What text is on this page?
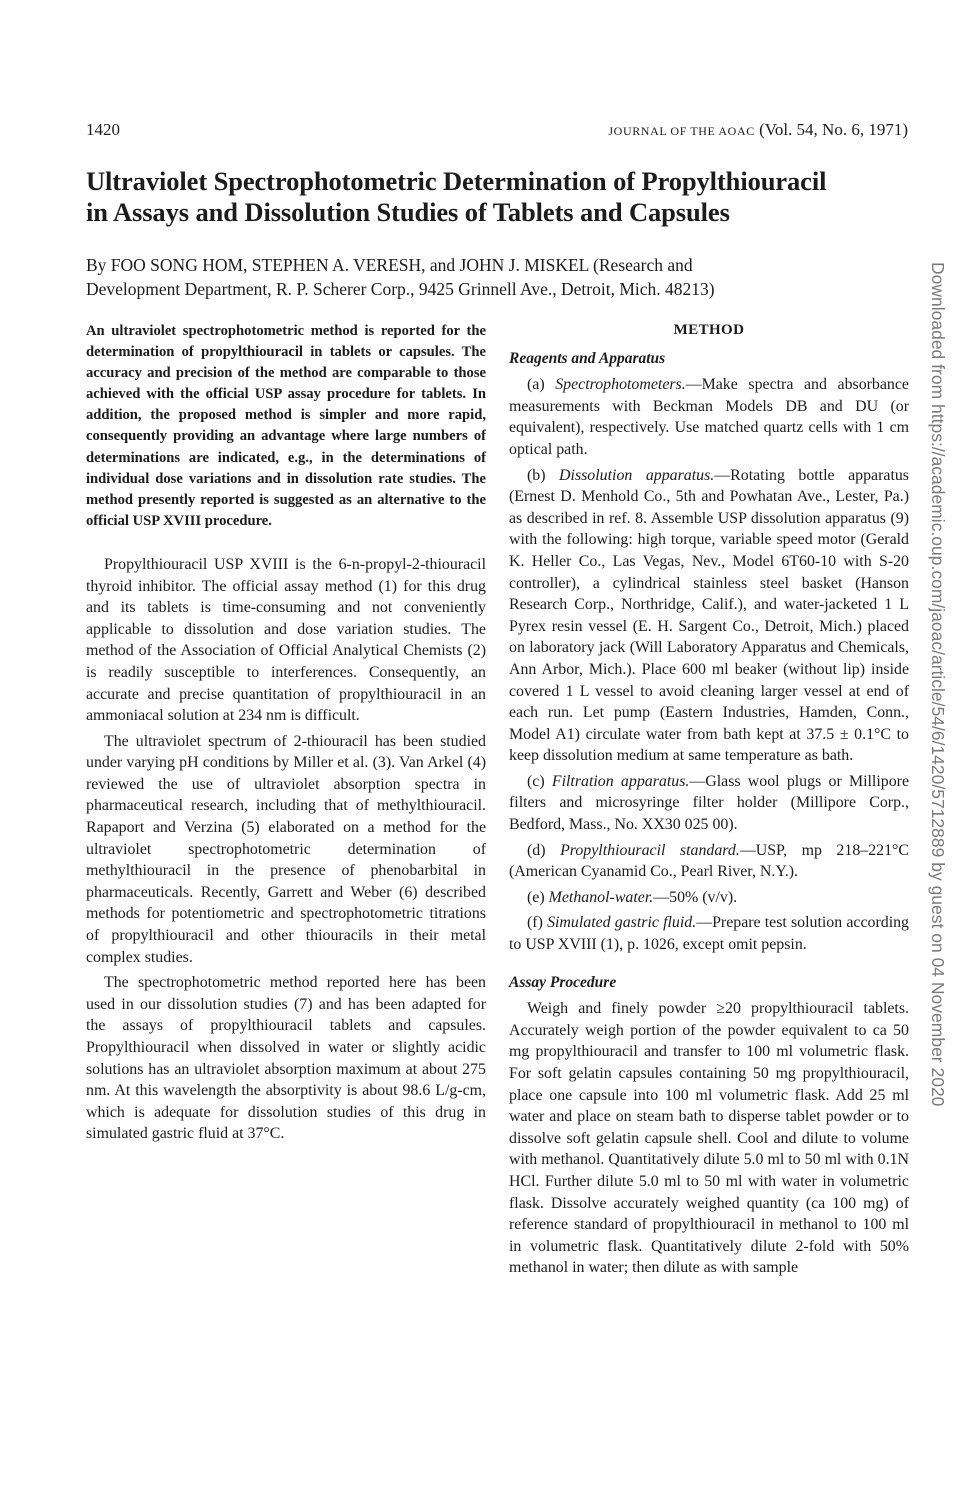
1420	JOURNAL OF THE AOAC (Vol. 54, No. 6, 1971)
Ultraviolet Spectrophotometric Determination of Propylthiouracil
in Assays and Dissolution Studies of Tablets and Capsules
By FOO SONG HOM, STEPHEN A. VERESH, and JOHN J. MISKEL (Research and
Development Department, R. P. Scherer Corp., 9425 Grinnell Ave., Detroit, Mich. 48213)
An ultraviolet spectrophotometric method is reported for the determination of propylthiouracil in tablets or capsules. The accuracy and precision of the method are comparable to those achieved with the official USP assay procedure for tablets. In addition, the proposed method is simpler and more rapid, consequently providing an advantage where large numbers of determinations are indicated, e.g., in the determinations of individual dose variations and in dissolution rate studies. The method presently reported is suggested as an alternative to the official USP XVIII procedure.

Propylthiouracil USP XVIII is the 6-n-propyl-2-thiouracil thyroid inhibitor. The official assay method (1) for this drug and its tablets is time-consuming and not conveniently applicable to dissolution and dose variation studies. The method of the Association of Official Analytical Chemists (2) is readily susceptible to interferences. Consequently, an accurate and precise quantitation of propylthiouracil in an ammoniacal solution at 234 nm is difficult.

The ultraviolet spectrum of 2-thiouracil has been studied under varying pH conditions by Miller et al. (3). Van Arkel (4) reviewed the use of ultraviolet absorption spectra in pharmaceutical research, including that of methylthiouracil. Rapaport and Verzina (5) elaborated on a method for the ultraviolet spectrophotometric determination of methylthiouracil in the presence of phenobarbital in pharmaceuticals. Recently, Garrett and Weber (6) described methods for potentiometric and spectrophotometric titrations of propylthiouracil and other thiouracils in their metal complex studies.

The spectrophotometric method reported here has been used in our dissolution studies (7) and has been adapted for the assays of propylthiouracil tablets and capsules. Propylthiouracil when dissolved in water or slightly acidic solutions has an ultraviolet absorption maximum at about 275 nm. At this wavelength the absorptivity is about 98.6 L/g-cm, which is adequate for dissolution studies of this drug in simulated gastric fluid at 37°C.

METHOD
Reagents and Apparatus

(a) Spectrophotometers.—Make spectra and absorbance measurements with Beckman Models DB and DU (or equivalent), respectively. Use matched quartz cells with 1 cm optical path.

(b) Dissolution apparatus.—Rotating bottle apparatus (Ernest D. Menhold Co., 5th and Powhatan Ave., Lester, Pa.) as described in ref. 8. Assemble USP dissolution apparatus (9) with the following: high torque, variable speed motor (Gerald K. Heller Co., Las Vegas, Nev., Model 6T60-10 with S-20 controller), a cylindrical stainless steel basket (Hanson Research Corp., Northridge, Calif.), and water-jacketed 1 L Pyrex resin vessel (E. H. Sargent Co., Detroit, Mich.) placed on laboratory jack (Will Laboratory Apparatus and Chemicals, Ann Arbor, Mich.). Place 600 ml beaker (without lip) inside covered 1 L vessel to avoid cleaning larger vessel at end of each run. Let pump (Eastern Industries, Hamden, Conn., Model A1) circulate water from bath kept at 37.5 ± 0.1°C to keep dissolution medium at same temperature as bath.

(c) Filtration apparatus.—Glass wool plugs or Millipore filters and microsyringe filter holder (Millipore Corp., Bedford, Mass., No. XX30 025 00).

(d) Propylthiouracil standard.—USP, mp 218–221°C (American Cyanamid Co., Pearl River, N.Y.).

(e) Methanol-water.—50% (v/v).

(f) Simulated gastric fluid.—Prepare test solution according to USP XVIII (1), p. 1026, except omit pepsin.

Assay Procedure

Weigh and finely powder ≥20 propylthiouracil tablets. Accurately weigh portion of the powder equivalent to ca 50 mg propylthiouracil and transfer to 100 ml volumetric flask. For soft gelatin capsules containing 50 mg propylthiouracil, place one capsule into 100 ml volumetric flask. Add 25 ml water and place on steam bath to disperse tablet powder or to dissolve soft gelatin capsule shell. Cool and dilute to volume with methanol. Quantitatively dilute 5.0 ml to 50 ml with 0.1N HCl. Further dilute 5.0 ml to 50 ml with water in volumetric flask. Dissolve accurately weighed quantity (ca 100 mg) of reference standard of propylthiouracil in methanol to 100 ml in volumetric flask. Quantitatively dilute 2-fold with 50% methanol in water; then dilute as with sample

Downloaded from https://academic.oup.com/jaoac/article/54/6/1420/5712889 by guest on 04 November 2020
